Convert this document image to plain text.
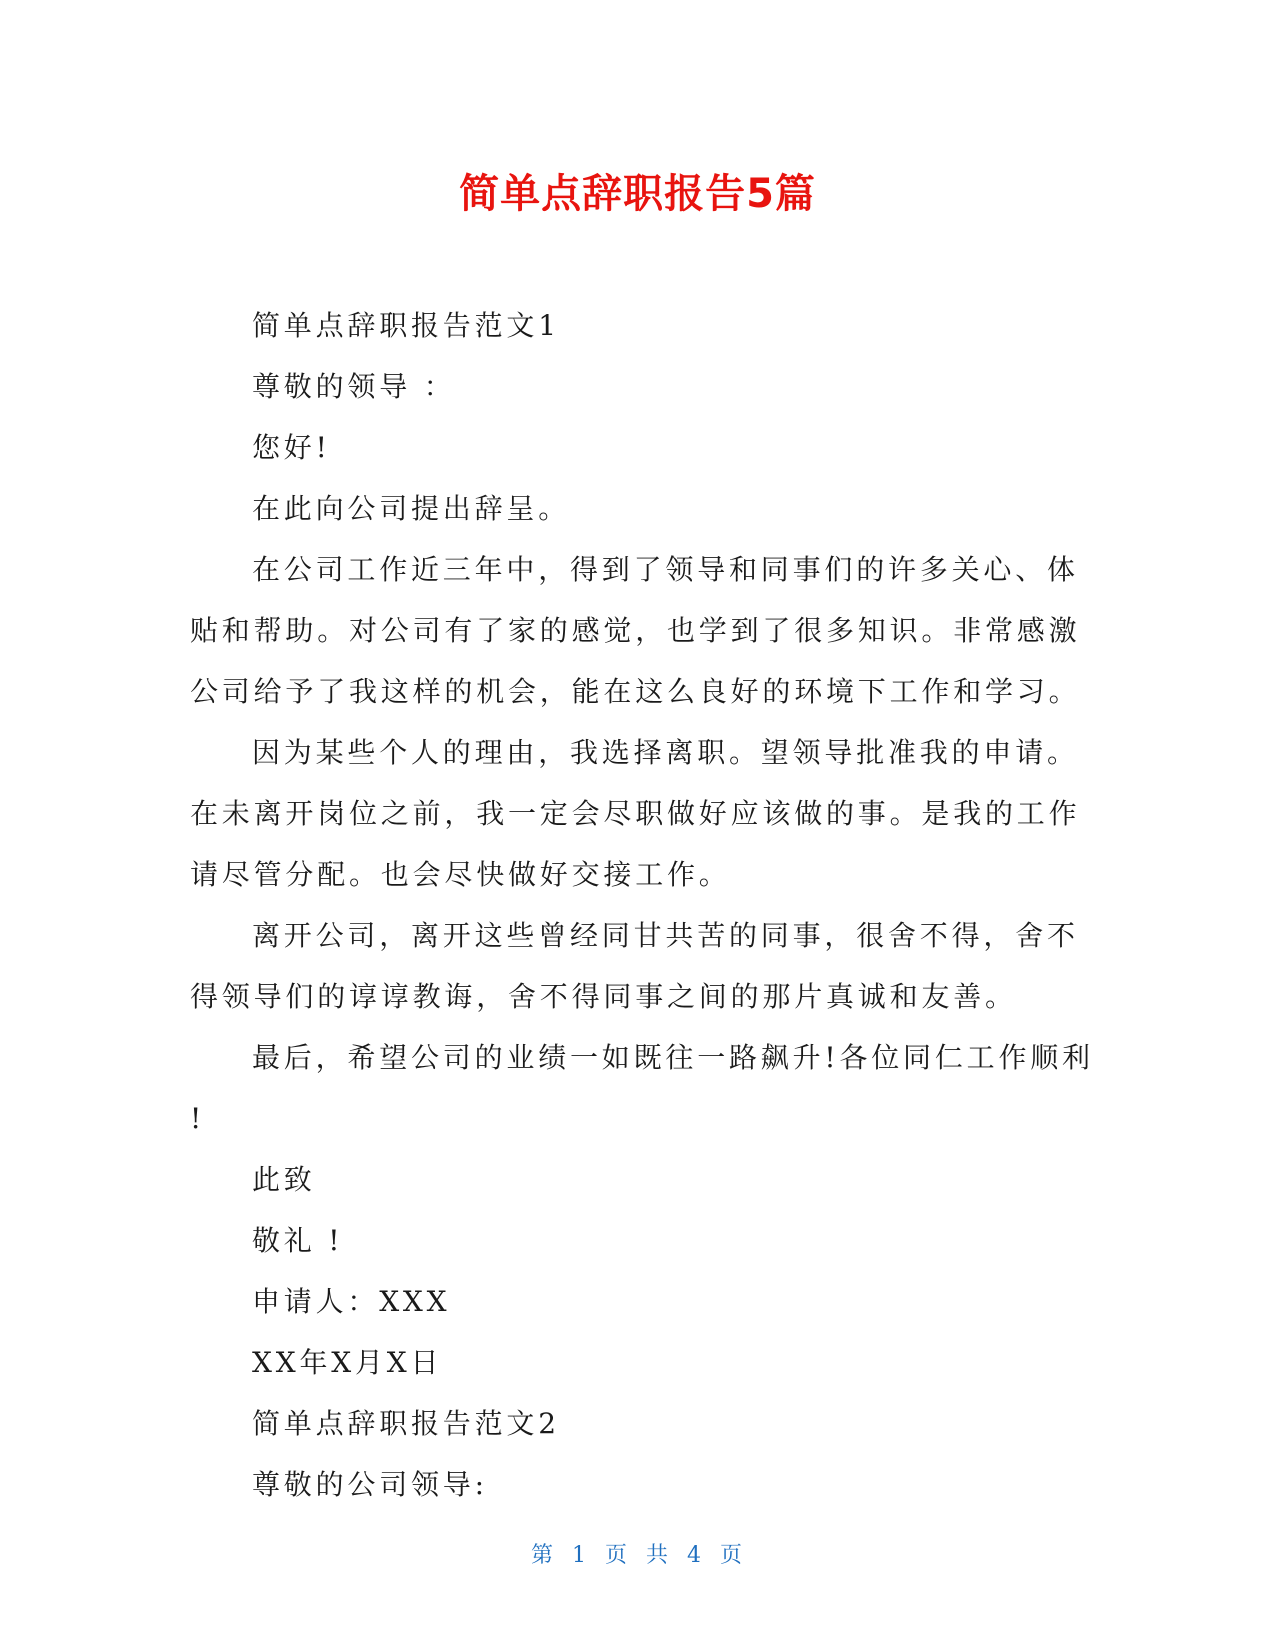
简单点辞职报告5篇
简单点辞职报告范文1
尊敬的领导 ：
您好!
在此向公司提出辞呈。
在公司工作近三年中，得到了领导和同事们的许多关心、体
贴和帮助。对公司有了家的感觉，也学到了很多知识。非常感激
公司给予了我这样的机会，能在这么良好的环境下工作和学习。
因为某些个人的理由，我选择离职。望领导批准我的申请。
在未离开岗位之前，我一定会尽职做好应该做的事。是我的工作
请尽管分配。也会尽快做好交接工作。
离开公司，离开这些曾经同甘共苦的同事，很舍不得，舍不
得领导们的谆谆教诲，舍不得同事之间的那片真诚和友善。
最后，希望公司的业绩一如既往一路飙升!各位同仁工作顺利
!
此致
敬礼 !
申请人：XXX
XX年X月X日
简单点辞职报告范文2
尊敬的公司领导:
第 1 页 共 4 页
